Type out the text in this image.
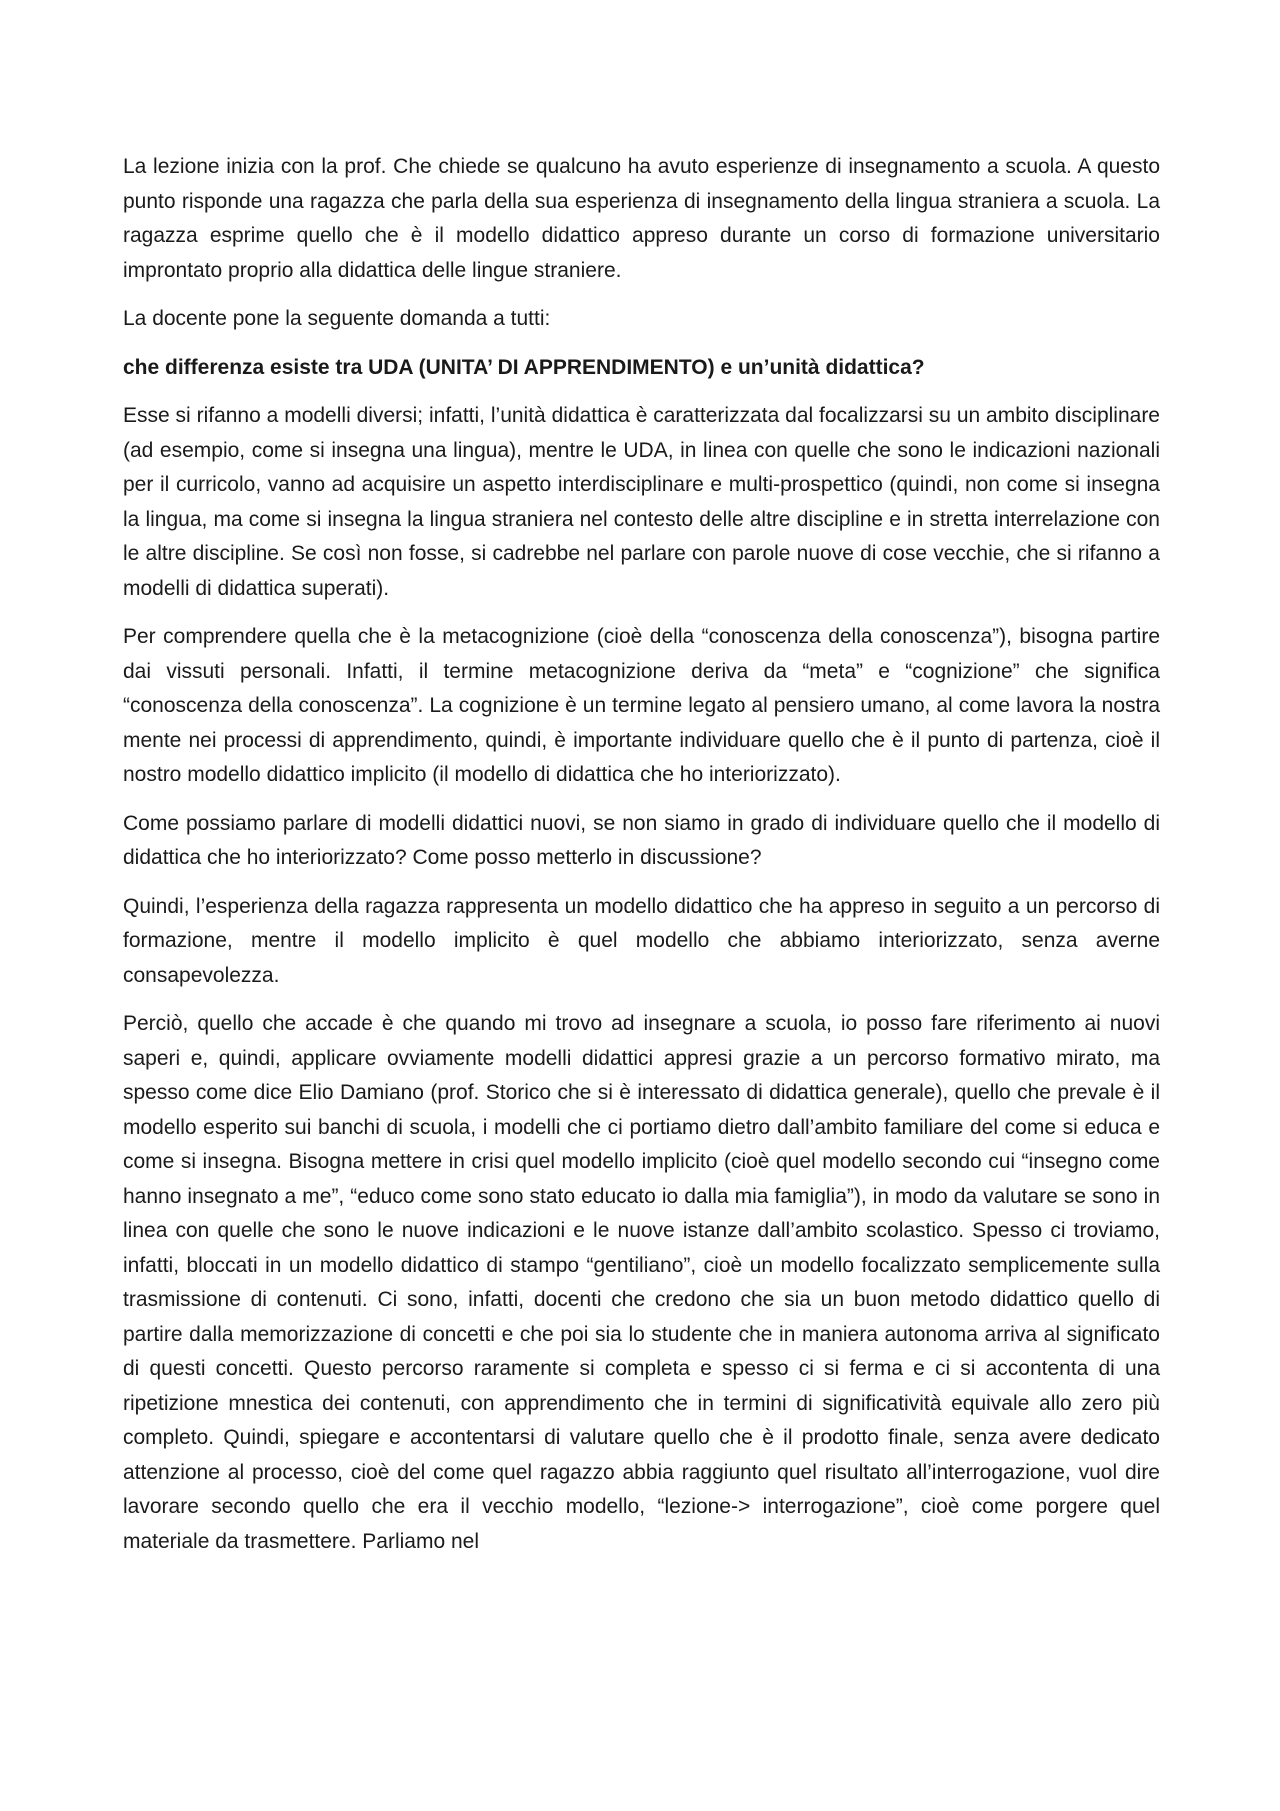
La lezione inizia con la prof. Che chiede se qualcuno ha avuto esperienze di insegnamento a scuola. A questo punto risponde una ragazza che parla della sua esperienza di insegnamento della lingua straniera a scuola. La ragazza esprime quello che è il modello didattico appreso durante un corso di formazione universitario improntato proprio alla didattica delle lingue straniere.

La docente pone la seguente domanda a tutti:

che differenza esiste tra UDA (UNITA’ DI APPRENDIMENTO) e un’unità didattica?

Esse si rifanno a modelli diversi; infatti, l’unità didattica è caratterizzata dal focalizzarsi su un ambito disciplinare (ad esempio, come si insegna una lingua), mentre le UDA, in linea con quelle che sono le indicazioni nazionali per il curricolo, vanno ad acquisire un aspetto interdisciplinare e multi-prospettico (quindi, non come si insegna la lingua, ma come si insegna la lingua straniera nel contesto delle altre discipline e in stretta interrelazione con le altre discipline. Se così non fosse, si cadrebbe nel parlare con parole nuove di cose vecchie, che si rifanno a modelli di didattica superati).

Per comprendere quella che è la metacognizione (cioè della “conoscenza della conoscenza”), bisogna partire dai vissuti personali. Infatti, il termine metacognizione deriva da “meta” e “cognizione” che significa “conoscenza della conoscenza”. La cognizione è un termine legato al pensiero umano, al come lavora la nostra mente nei processi di apprendimento, quindi, è importante individuare quello che è il punto di partenza, cioè il nostro modello didattico implicito (il modello di didattica che ho interiorizzato).

Come possiamo parlare di modelli didattici nuovi, se non siamo in grado di individuare quello che il modello di didattica che ho interiorizzato? Come posso metterlo in discussione?

Quindi, l’esperienza della ragazza rappresenta un modello didattico che ha appreso in seguito a un percorso di formazione, mentre il modello implicito è quel modello che abbiamo interiorizzato, senza averne consapevolezza.

Perciò, quello che accade è che quando mi trovo ad insegnare a scuola, io posso fare riferimento ai nuovi saperi e, quindi, applicare ovviamente modelli didattici appresi grazie a un percorso formativo mirato, ma spesso come dice Elio Damiano (prof. Storico che si è interessato di didattica generale), quello che prevale è il modello esperito sui banchi di scuola, i modelli che ci portiamo dietro dall’ambito familiare del come si educa e come si insegna. Bisogna mettere in crisi quel modello implicito (cioè quel modello secondo cui “insegno come hanno insegnato a me”, “educo come sono stato educato io dalla mia famiglia”), in modo da valutare se sono in linea con quelle che sono le nuove indicazioni e le nuove istanze dall’ambito scolastico. Spesso ci troviamo, infatti, bloccati in un modello didattico di stampo “gentiliano”, cioè un modello focalizzato semplicemente sulla trasmissione di contenuti. Ci sono, infatti, docenti che credono che sia un buon metodo didattico quello di partire dalla memorizzazione di concetti e che poi sia lo studente che in maniera autonoma arriva al significato di questi concetti. Questo percorso raramente si completa e spesso ci si ferma e ci si accontenta di una ripetizione mnestica dei contenuti, con apprendimento che in termini di significatività equivale allo zero più completo. Quindi, spiegare e accontentarsi di valutare quello che è il prodotto finale, senza avere dedicato attenzione al processo, cioè del come quel ragazzo abbia raggiunto quel risultato all’interrogazione, vuol dire lavorare secondo quello che era il vecchio modello, “lezione-> interrogazione”, cioè come porgere quel materiale da trasmettere. Parliamo nel
